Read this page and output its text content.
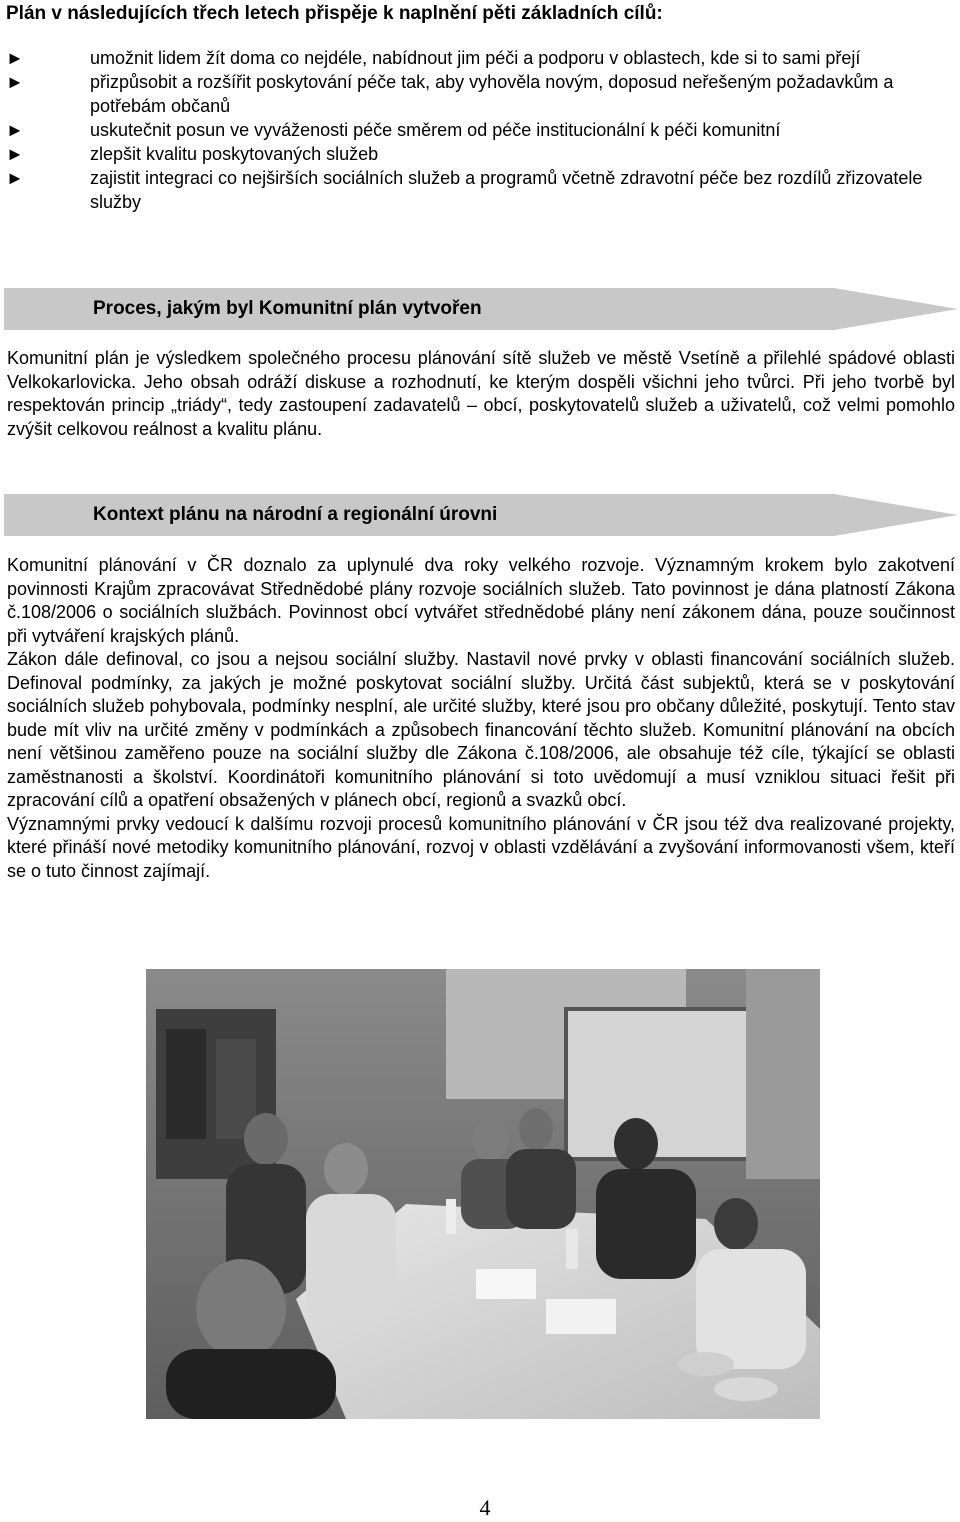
Plán v následujících třech letech přispěje k naplnění pěti základních cílů:
►	umožnit lidem žít doma co nejdéle, nabídnout jim péči a podporu v oblastech, kde si to sami přejí
►	přizpůsobit a rozšířit poskytování péče tak, aby vyhověla novým, doposud neřešeným požadavkům a potřebám občanů
►	uskutečnit posun ve vyváženosti péče směrem od péče institucionální k péči komunitní
►	zlepšit kvalitu poskytovaných služeb
►	zajistit integraci co nejširších sociálních služeb a programů včetně zdravotní péče bez rozdílů zřizovatele služby
Proces, jakým byl Komunitní plán vytvořen

Komunitní plán je výsledkem společného procesu plánování sítě služeb ve městě Vsetíně a přilehlé spádové oblasti Velkokarlovicka. Jeho obsah odráží diskuse a rozhodnutí, ke kterým dospěli všichni jeho tvůrci. Při jeho tvorbě byl respektován princip „triády“, tedy zastoupení zadavatelů – obcí, poskytovatelů služeb a uživatelů, což velmi pomohlo zvýšit celkovou reálnost a kvalitu plánu.

Kontext plánu na národní a regionální úrovni

Komunitní plánování v ČR doznalo za uplynulé dva roky velkého rozvoje. Významným krokem bylo zakotvení povinnosti Krajům zpracovávat Střednědobé plány rozvoje sociálních služeb. Tato povinnost je dána platností Zákona č.108/2006 o sociálních službách. Povinnost obcí vytvářet střednědobé plány není zákonem dána, pouze součinnost při vytváření krajských plánů.

Zákon dále definoval, co jsou a nejsou sociální služby. Nastavil nové prvky v oblasti financování sociálních služeb. Definoval podmínky, za jakých je možné poskytovat sociální služby. Určitá část subjektů, která se v poskytování sociálních služeb pohybovala, podmínky nesplní, ale určité služby, které jsou pro občany důležité, poskytují. Tento stav bude mít vliv na určité změny v podmínkách a způsobech financování těchto služeb. Komunitní plánování na obcích není většinou zaměřeno pouze na sociální služby dle Zákona č.108/2006, ale obsahuje též cíle, týkající se oblasti zaměstnanosti a školství. Koordinátoři komunitního plánování si toto uvědomují a musí vzniklou situaci řešit při zpracování cílů a opatření obsažených v plánech obcí, regionů a svazků obcí.

Významnými prvky vedoucí k dalšímu rozvoji procesů komunitního plánování v ČR jsou též dva realizované projekty, které přináší nové metodiky komunitního plánování, rozvoj v oblasti vzdělávání a zvyšování informovanosti všem, kteří se o tuto činnost zajímají.

4
